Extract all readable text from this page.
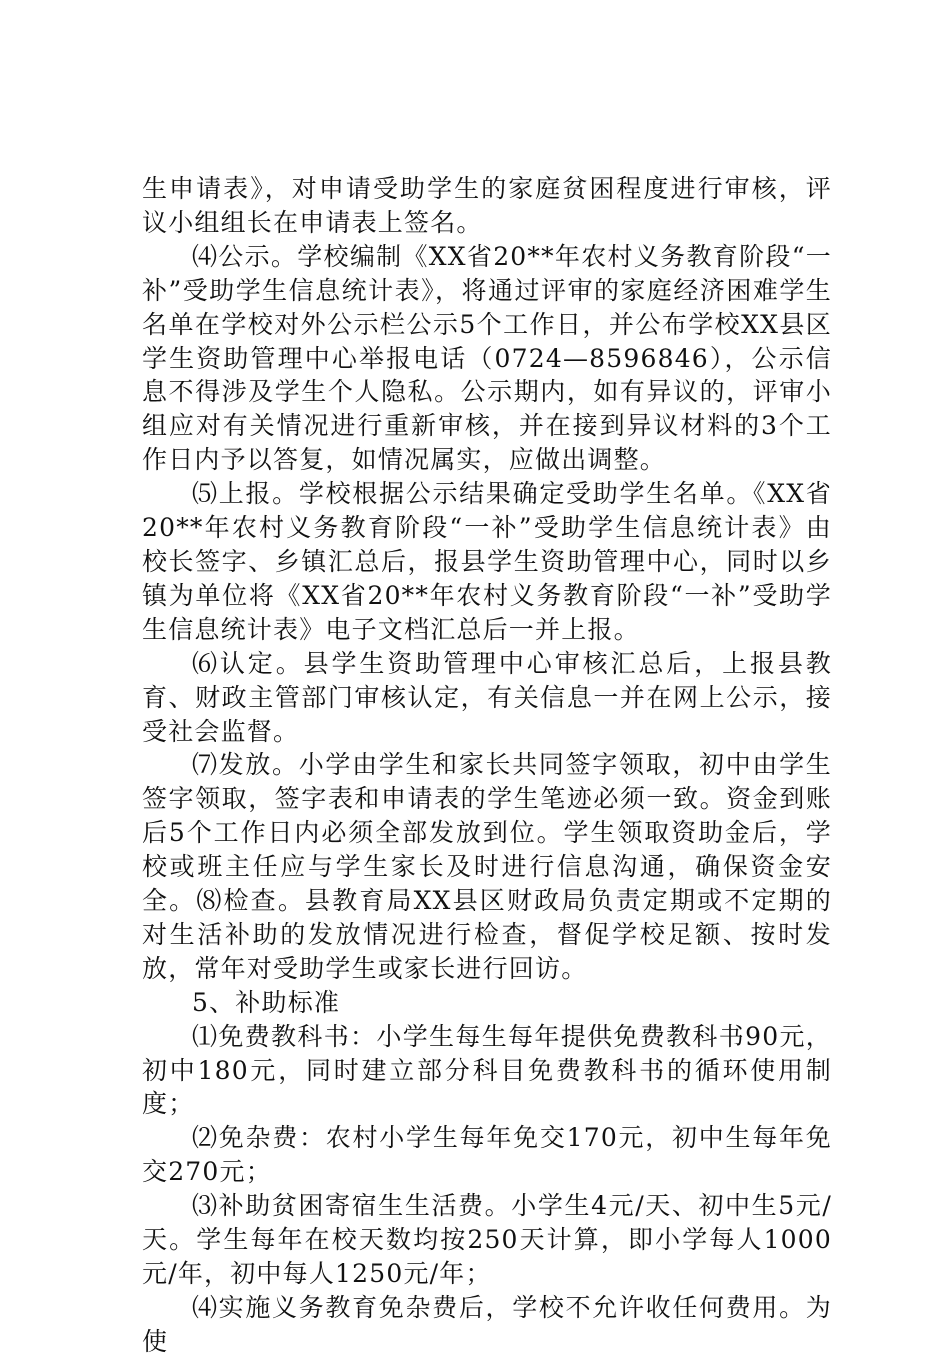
生申请表》，对申请受助学生的家庭贫困程度进行审核，评议小组组长在申请表上签名。

⑷公示。学校编制《XX省20**年农村义务教育阶段“一补”受助学生信息统计表》，将通过评审的家庭经济困难学生名单在学校对外公示栏公示5个工作日，并公布学校XX县区学生资助管理中心举报电话（0724—8596846），公示信息不得涉及学生个人隐私。公示期内，如有异议的，评审小组应对有关情况进行重新审核，并在接到异议材料的3个工作日内予以答复，如情况属实，应做出调整。

⑸上报。学校根据公示结果确定受助学生名单。《XX省20**年农村义务教育阶段“一补”受助学生信息统计表》由校长签字、乡镇汇总后，报县学生资助管理中心，同时以乡镇为单位将《XX省20**年农村义务教育阶段“一补”受助学生信息统计表》电子文档汇总后一并上报。

⑹认定。县学生资助管理中心审核汇总后，上报县教育、财政主管部门审核认定，有关信息一并在网上公示，接受社会监督。

⑺发放。小学由学生和家长共同签字领取，初中由学生签字领取，签字表和申请表的学生笔迹必须一致。资金到账后5个工作日内必须全部发放到位。学生领取资助金后，学校或班主任应与学生家长及时进行信息沟通，确保资金安全。⑻检查。县教育局XX县区财政局负责定期或不定期的对生活补助的发放情况进行检查，督促学校足额、按时发放，常年对受助学生或家长进行回访。

5、补助标准

⑴免费教科书：小学生每生每年提供免费教科书90元，初中180元，同时建立部分科目免费教科书的循环使用制度；

⑵免杂费：农村小学生每年免交170元，初中生每年免交270元；

⑶补助贫困寄宿生生活费。小学生4元/天、初中生5元/天。学生每年在校天数均按250天计算，即小学每人1000元/年，初中每人1250元/年；

⑷实施义务教育免杂费后，学校不允许收任何费用。为使
